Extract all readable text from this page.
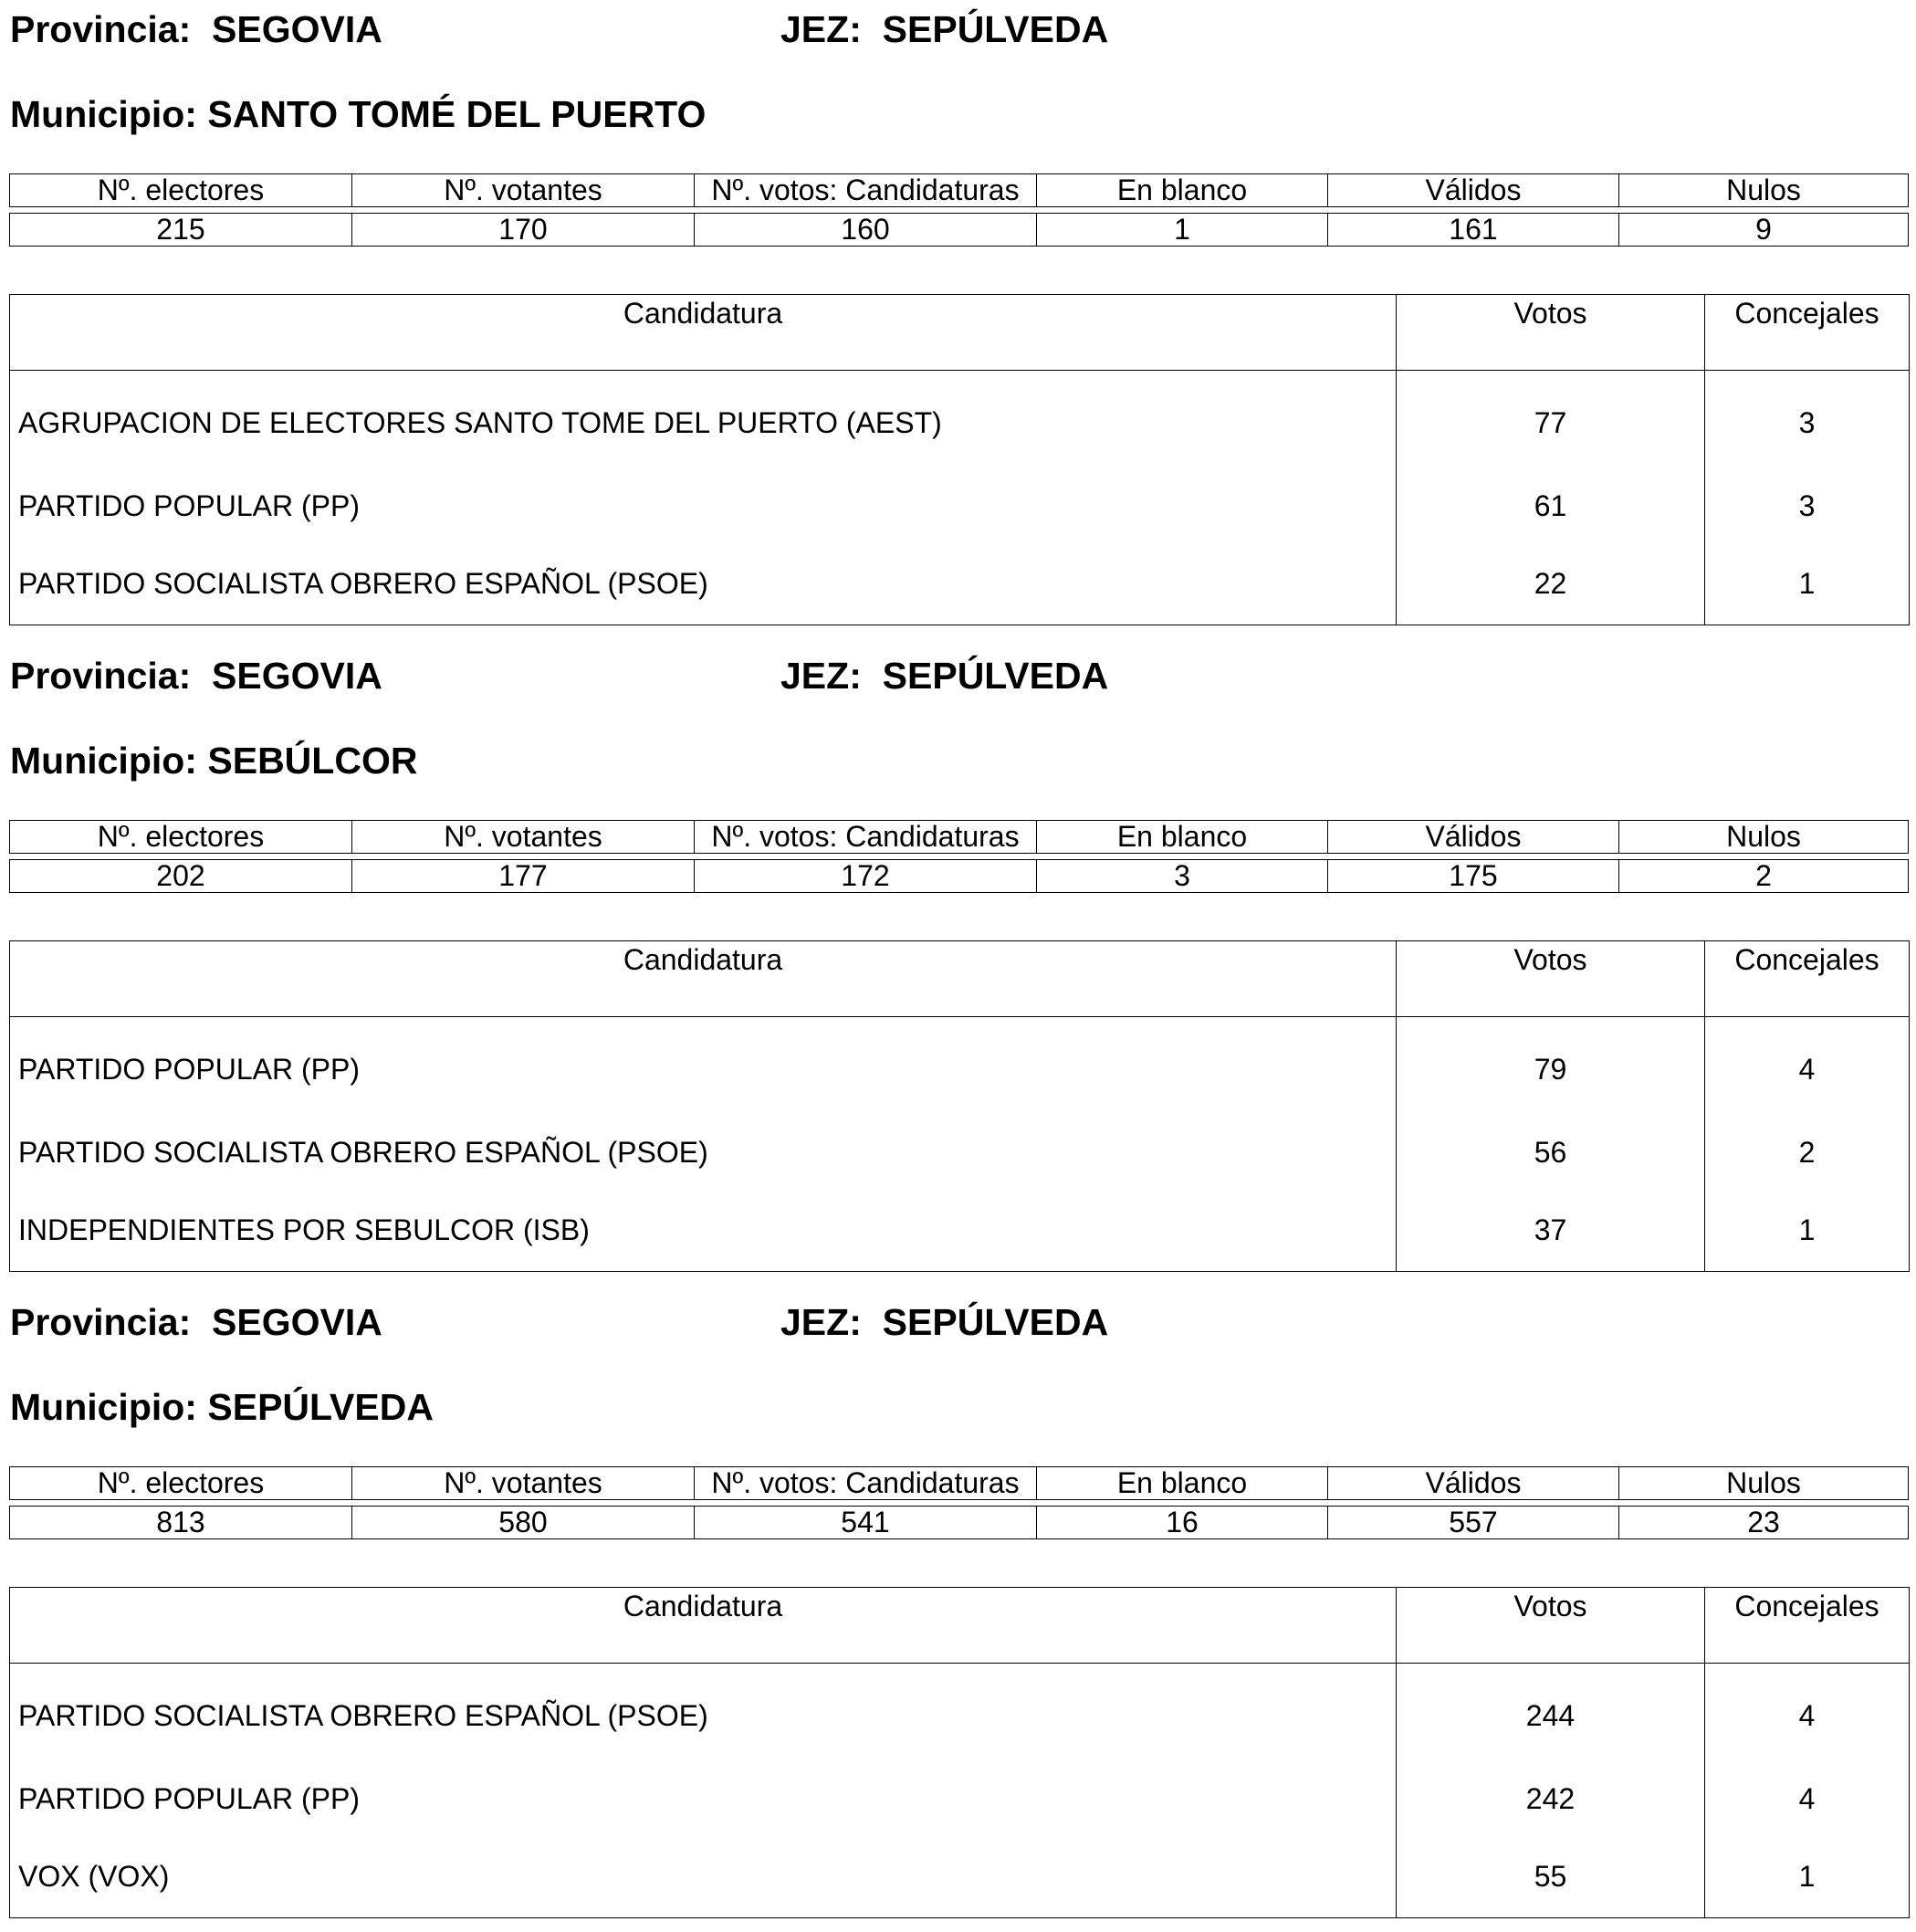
Provincia: SEGOVIA	JEZ: SEPÚLVEDA

Municipio: SANTO TOMÉ DEL PUERTO

Nº. electores	Nº. votantes	Nº. votos: Candidaturas	En blanco	Válidos	Nulos
215	170	160	1	161	9
Candidatura	Votos	Concejales
AGRUPACION DE ELECTORES SANTO TOME DEL PUERTO (AEST)	77	3
PARTIDO POPULAR (PP)	61	3
PARTIDO SOCIALISTA OBRERO ESPAÑOL (PSOE)	22	1

Provincia: SEGOVIA	JEZ: SEPÚLVEDA

Municipio: SEBÚLCOR

Nº. electores	Nº. votantes	Nº. votos: Candidaturas	En blanco	Válidos	Nulos
202	177	172	3	175	2
Candidatura	Votos	Concejales
PARTIDO POPULAR (PP)	79	4
PARTIDO SOCIALISTA OBRERO ESPAÑOL (PSOE)	56	2
INDEPENDIENTES POR SEBULCOR (ISB)	37	1

Provincia: SEGOVIA	JEZ: SEPÚLVEDA

Municipio: SEPÚLVEDA

Nº. electores	Nº. votantes	Nº. votos: Candidaturas	En blanco	Válidos	Nulos
813	580	541	16	557	23
Candidatura	Votos	Concejales
PARTIDO SOCIALISTA OBRERO ESPAÑOL (PSOE)	244	4
PARTIDO POPULAR (PP)	242	4
VOX (VOX)	55	1
